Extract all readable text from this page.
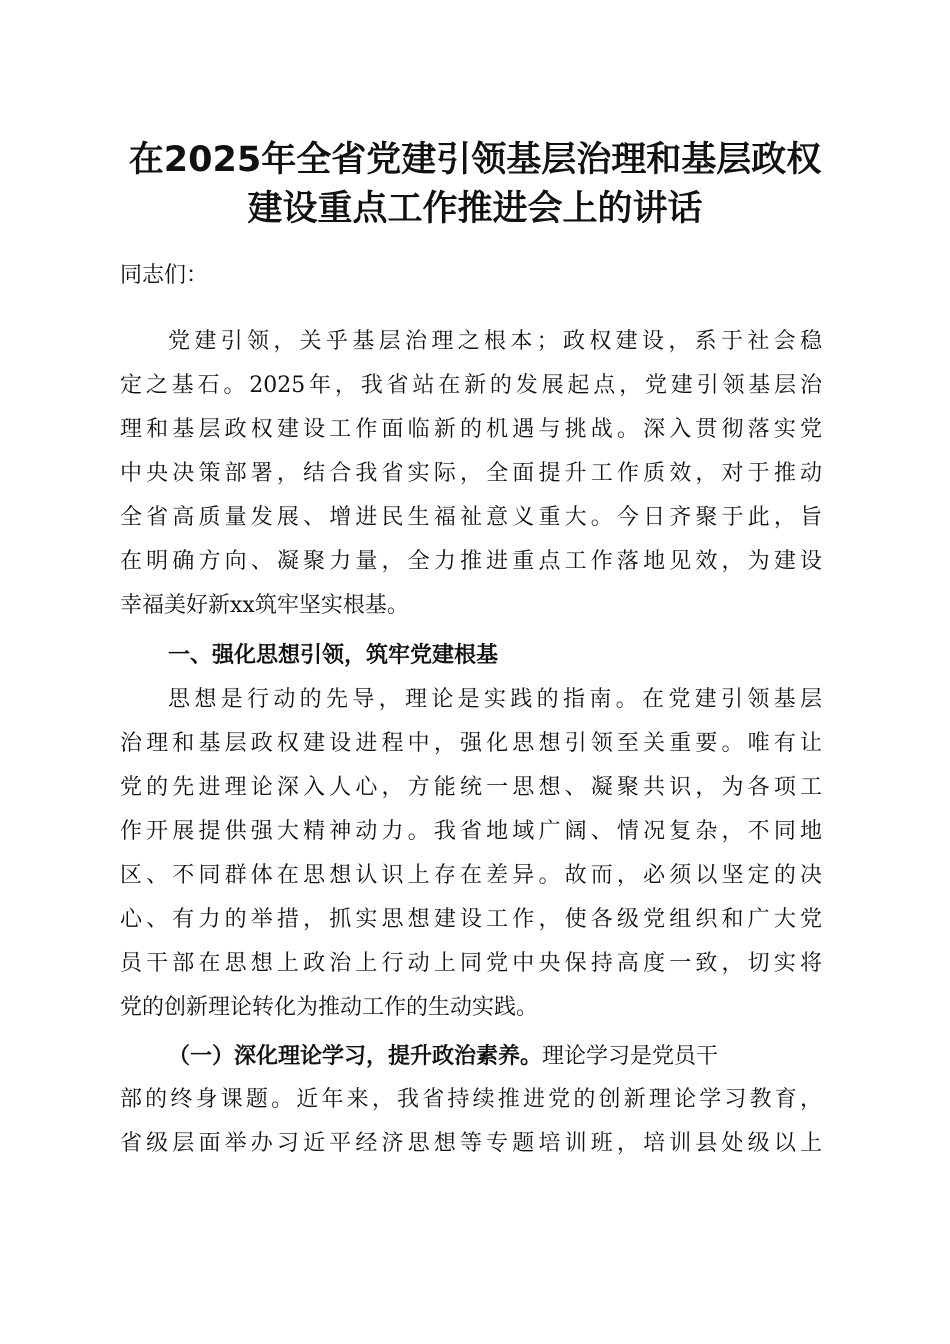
在2025年全省党建引领基层治理和基层政权
建设重点工作推进会上的讲话
同志们：
党建引领，关乎基层治理之根本；政权建设，系于社会稳
定之基石。2025年，我省站在新的发展起点，党建引领基层治
理和基层政权建设工作面临新的机遇与挑战。深入贯彻落实党
中央决策部署，结合我省实际，全面提升工作质效，对于推动
全省高质量发展、增进民生福祉意义重大。今日齐聚于此，旨
在明确方向、凝聚力量，全力推进重点工作落地见效，为建设
幸福美好新xx筑牢坚实根基。
一、强化思想引领，筑牢党建根基
思想是行动的先导，理论是实践的指南。在党建引领基层
治理和基层政权建设进程中，强化思想引领至关重要。唯有让
党的先进理论深入人心，方能统一思想、凝聚共识，为各项工
作开展提供强大精神动力。我省地域广阔、情况复杂，不同地
区、不同群体在思想认识上存在差异。故而，必须以坚定的决
心、有力的举措，抓实思想建设工作，使各级党组织和广大党
员干部在思想上政治上行动上同党中央保持高度一致，切实将
党的创新理论转化为推动工作的生动实践。
（一）深化理论学习，提升政治素养。理论学习是党员干
部的终身课题。近年来，我省持续推进党的创新理论学习教育，
省级层面举办习近平经济思想等专题培训班，培训县处级以上
